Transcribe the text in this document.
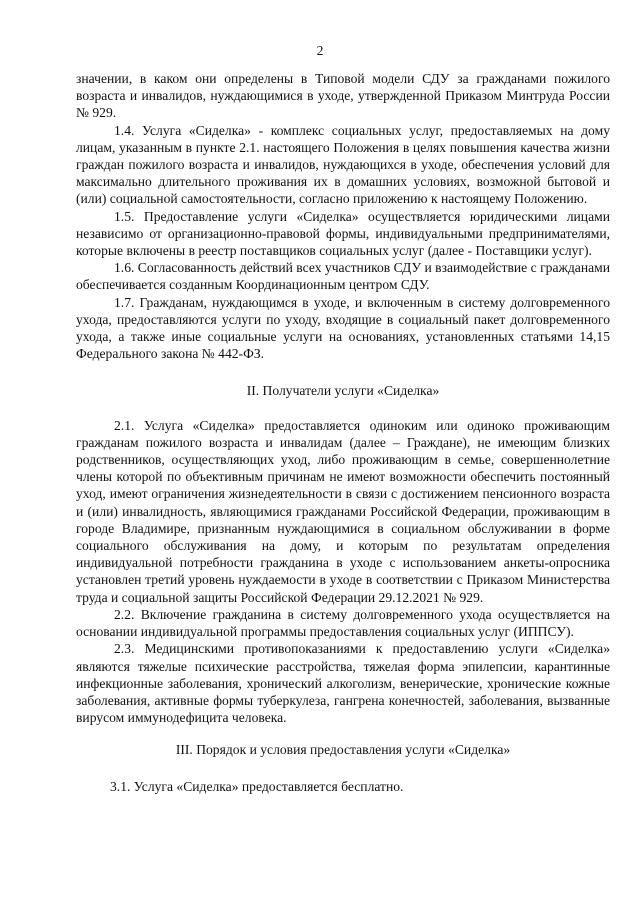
2

значении, в каком они определены в Типовой модели СДУ за гражданами пожилого возраста и инвалидов, нуждающимися в уходе, утвержденной Приказом Минтруда России № 929.

1.4. Услуга «Сиделка» - комплекс социальных услуг, предоставляемых на дому лицам, указанным в пункте 2.1. настоящего Положения в целях повышения качества жизни граждан пожилого возраста и инвалидов, нуждающихся в уходе, обеспечения условий для максимально длительного проживания их в домашних условиях, возможной бытовой и (или) социальной самостоятельности, согласно приложению к настоящему Положению.

1.5. Предоставление услуги «Сиделка» осуществляется юридическими лицами независимо от организационно-правовой формы, индивидуальными предпринимателями, которые включены в реестр поставщиков социальных услуг (далее - Поставщики услуг).

1.6. Согласованность действий всех участников СДУ и взаимодействие с гражданами обеспечивается созданным Координационным центром СДУ.

1.7. Гражданам, нуждающимся в уходе, и включенным в систему долговременного ухода, предоставляются услуги по уходу, входящие в социальный пакет долговременного ухода, а также иные социальные услуги на основаниях, установленных статьями 14,15 Федерального закона № 442-ФЗ.

II. Получатели услуги «Сиделка»

2.1. Услуга «Сиделка» предоставляется одиноким или одиноко проживающим гражданам пожилого возраста и инвалидам (далее – Граждане), не имеющим близких родственников, осуществляющих уход, либо проживающим в семье, совершеннолетние члены которой по объективным причинам не имеют возможности обеспечить постоянный уход, имеют ограничения жизнедеятельности в связи с достижением пенсионного возраста и (или) инвалидность, являющимися гражданами Российской Федерации, проживающим в городе Владимире, признанным нуждающимися в социальном обслуживании в форме социального обслуживания на дому, и которым по результатам определения индивидуальной потребности гражданина в уходе с использованием анкеты-опросника установлен третий уровень нуждаемости в уходе в соответствии с Приказом Министерства труда и социальной защиты Российской Федерации 29.12.2021 № 929.

2.2. Включение гражданина в систему долговременного ухода осуществляется на основании индивидуальной программы предоставления социальных услуг (ИППСУ).

2.3. Медицинскими противопоказаниями к предоставлению услуги «Сиделка» являются тяжелые психические расстройства, тяжелая форма эпилепсии, карантинные инфекционные заболевания, хронический алкоголизм, венерические, хронические кожные заболевания, активные формы туберкулеза, гангрена конечностей, заболевания, вызванные вирусом иммунодефицита человека.

III. Порядок и условия предоставления услуги «Сиделка»

3.1. Услуга «Сиделка» предоставляется бесплатно.
